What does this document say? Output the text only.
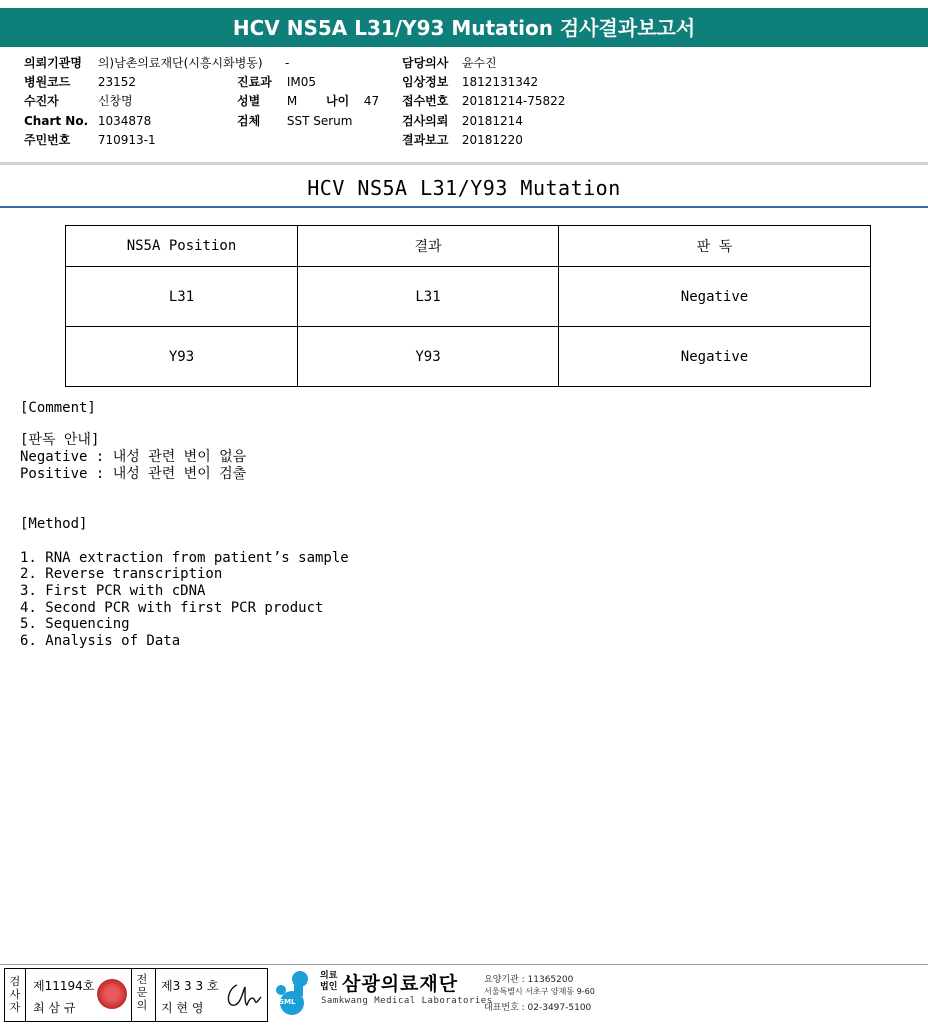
HCV NS5A L31/Y93 Mutation 검사결과보고서
의뢰기관명 의)남촌의료재단(시흥시화병동)	-	담당의사 윤수진
병원코드 23152	진료과 IM05	임상정보 1812131342
수진자	신창명	성별 M	나이 47	접수번호 20181214-75822
Chart No. 1034878	검체 SST Serum	검사의뢰 20181214
주민번호 710913-1	결과보고 20181220
HCV NS5A L31/Y93 Mutation
NS5A Position	결과	판 독
L31	L31	Negative
Y93	Y93	Negative
[Comment]
[판독 안내]
Negative : 내성 관련 변이 없음
Positive : 내성 관련 변이 검출
[Method]
1. RNA extraction from patient’s sample
2. Reverse transcription
3. First PCR with cDNA
4. Second PCR with first PCR product
5. Sequencing
6. Analysis of Data
검사자
제11194호
최 삼 규
전문의
제3 3 3 호
지 현 영	SML
의료
법인 삼광의료재단
Samkwang Medical Laboratories
요양기관 : 11365200
서울특별시 서초구 양재동 9-60
대표번호 : 02-3497-5100
